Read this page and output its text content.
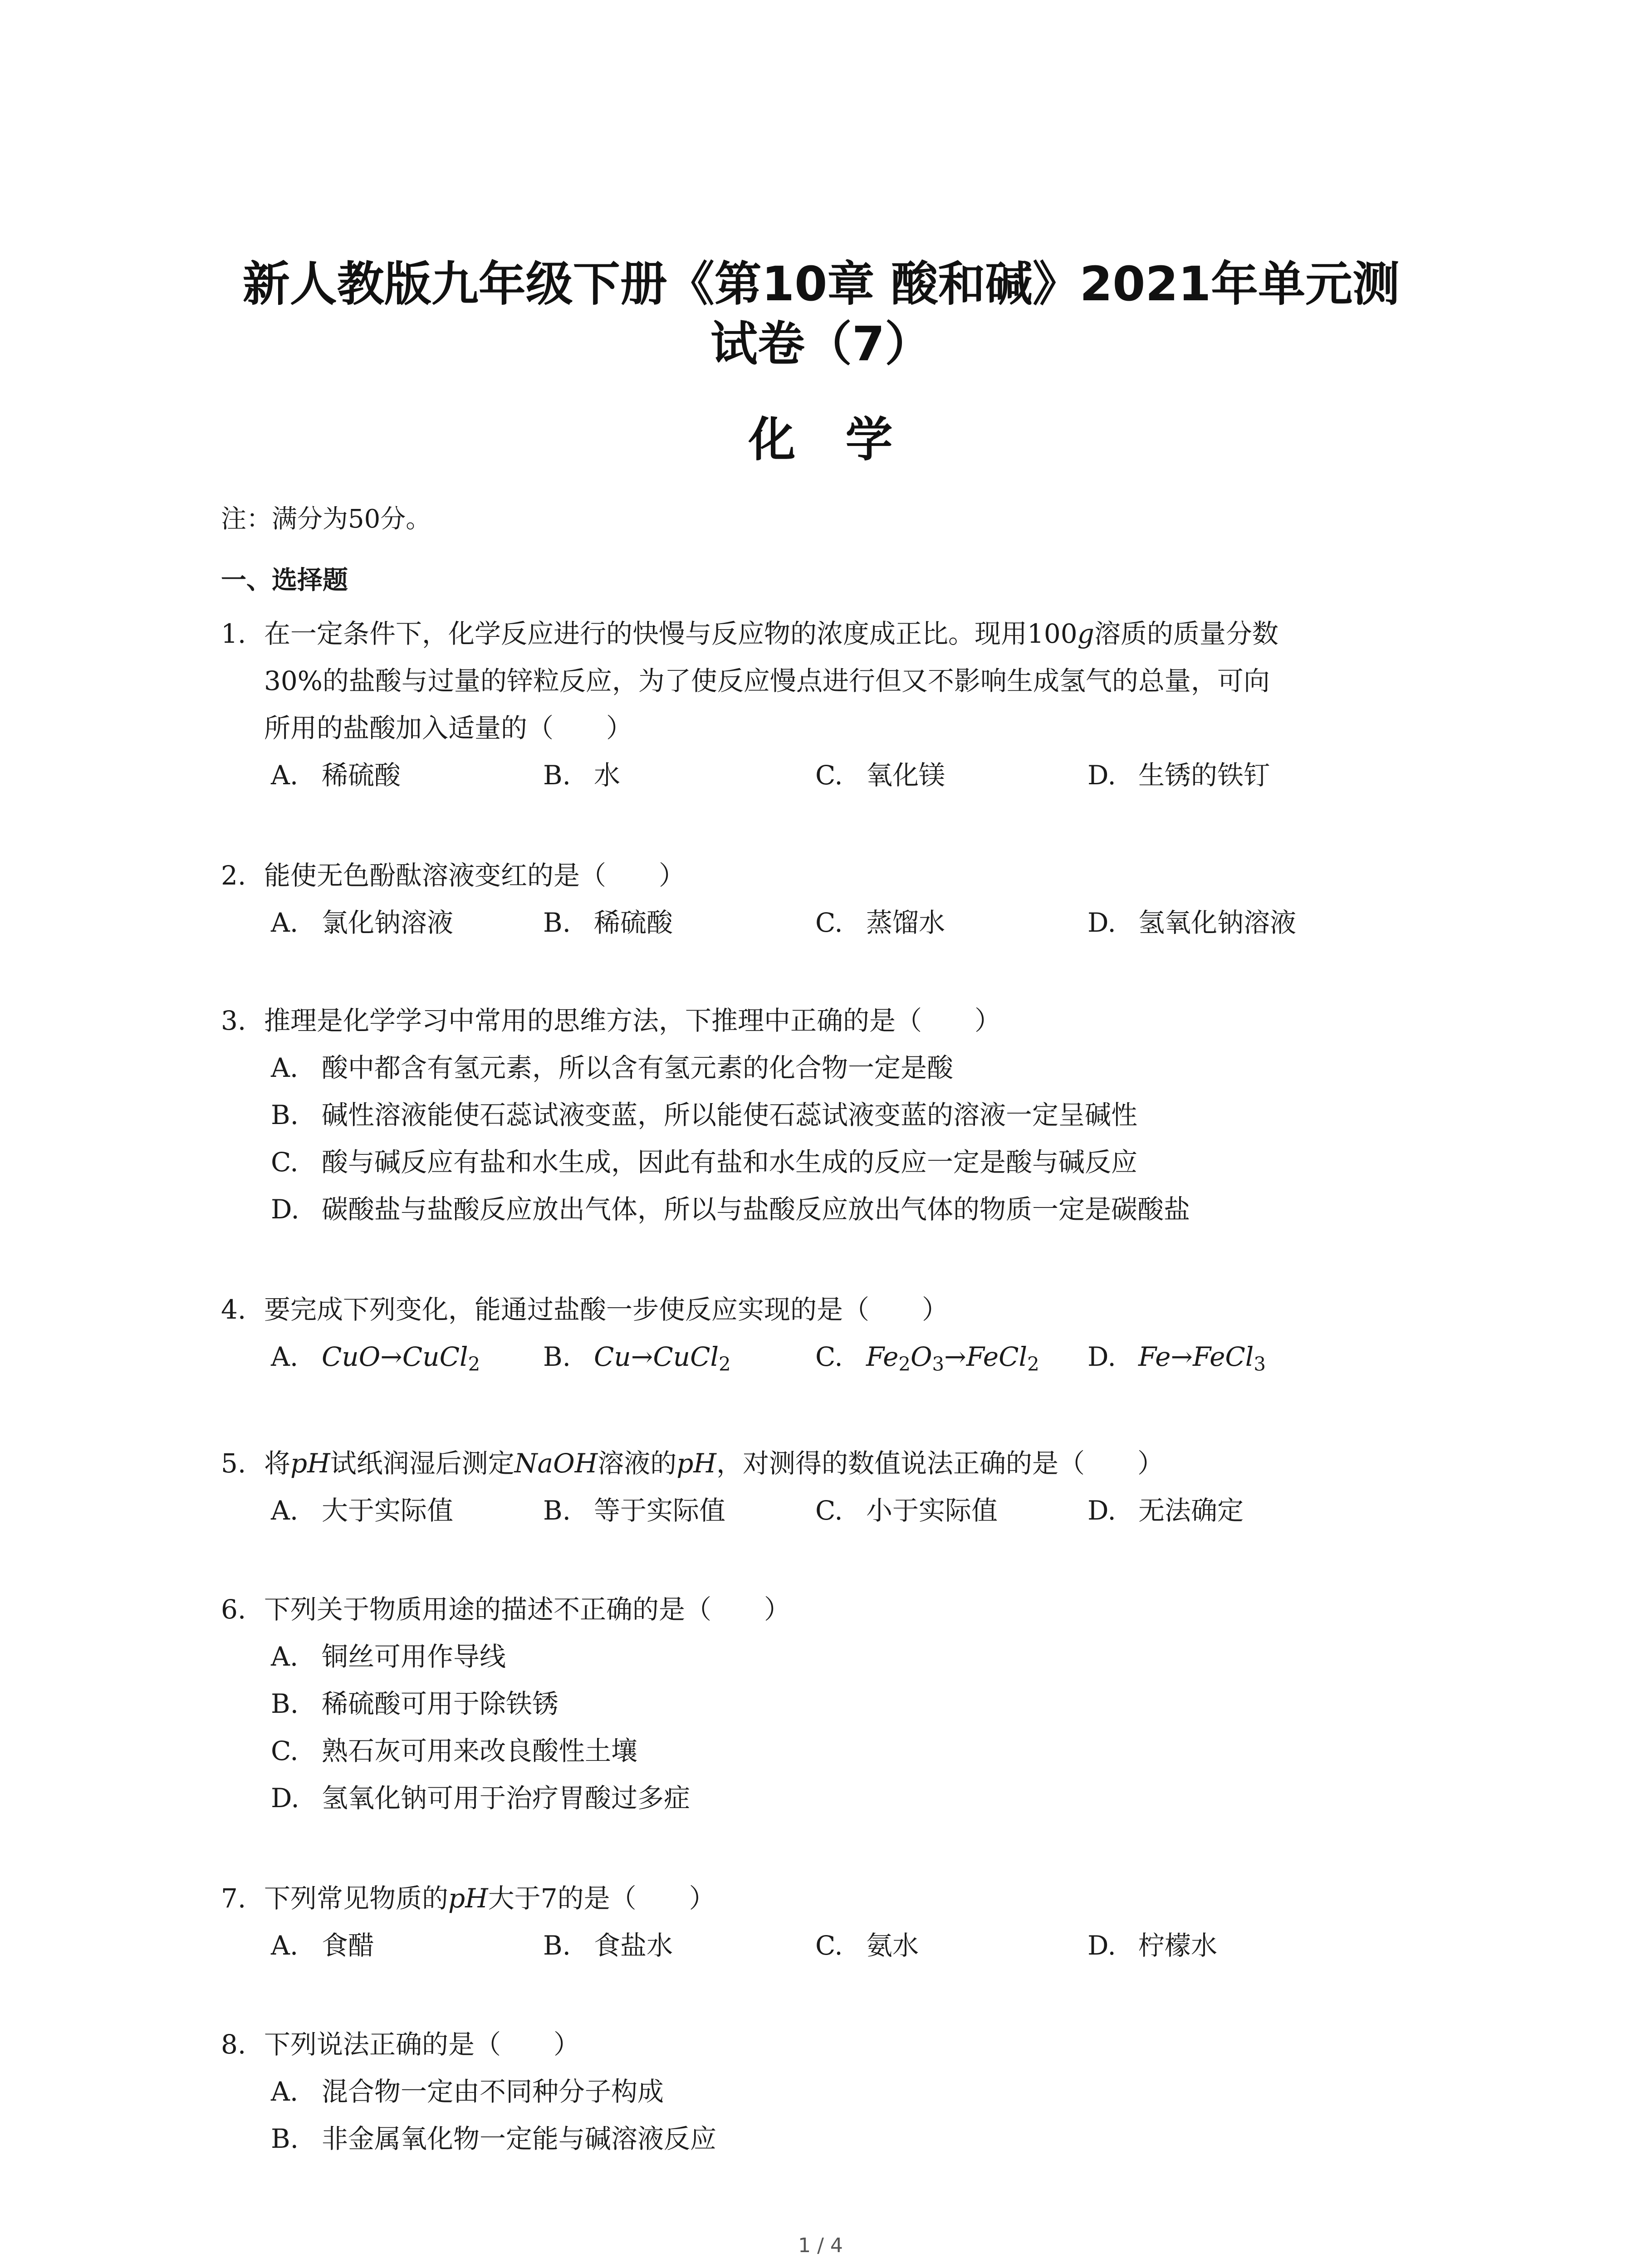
新人教版九年级下册《第10章 酸和碱》2021年单元测
试卷（7）
化学
注：满分为50分。
一、选择题
1. 在一定条件下，化学反应进行的快慢与反应物的浓度成正比。现用100g溶质的质量分数
30%的盐酸与过量的锌粒反应，为了使反应慢点进行但又不影响生成氢气的总量，可向
所用的盐酸加入适量的（　　）
A. 稀硫酸	B. 水	C. 氧化镁	D. 生锈的铁钉
2. 能使无色酚酞溶液变红的是（　　）
A. 氯化钠溶液	B. 稀硫酸	C. 蒸馏水	D. 氢氧化钠溶液
3. 推理是化学学习中常用的思维方法，下推理中正确的是（　　）
A. 酸中都含有氢元素，所以含有氢元素的化合物一定是酸
B. 碱性溶液能使石蕊试液变蓝，所以能使石蕊试液变蓝的溶液一定呈碱性
C. 酸与碱反应有盐和水生成，因此有盐和水生成的反应一定是酸与碱反应
D. 碳酸盐与盐酸反应放出气体，所以与盐酸反应放出气体的物质一定是碳酸盐
4. 要完成下列变化，能通过盐酸一步使反应实现的是（　　）
A. CuO→CuCl$_2$	B. Cu→CuCl$_2$	C. $Fe_2O_3\to FeCl_2$	D. Fe→FeCl$_3$
5. 将pH试纸润湿后测定NaOH溶液的pH，对测得的数值说法正确的是（　　）
A. 大于实际值	B. 等于实际值	C. 小于实际值	D. 无法确定
6. 下列关于物质用途的描述不正确的是（　　）
A. 铜丝可用作导线
B. 稀硫酸可用于除铁锈
C. 熟石灰可用来改良酸性土壤
D. 氢氧化钠可用于治疗胃酸过多症
7. 下列常见物质的pH大于7的是（　　）
A. 食醋	B. 食盐水	C. 氨水	D. 柠檬水
8. 下列说法正确的是（　　）
A. 混合物一定由不同种分子构成
B. 非金属氧化物一定能与碱溶液反应
1 / 4
